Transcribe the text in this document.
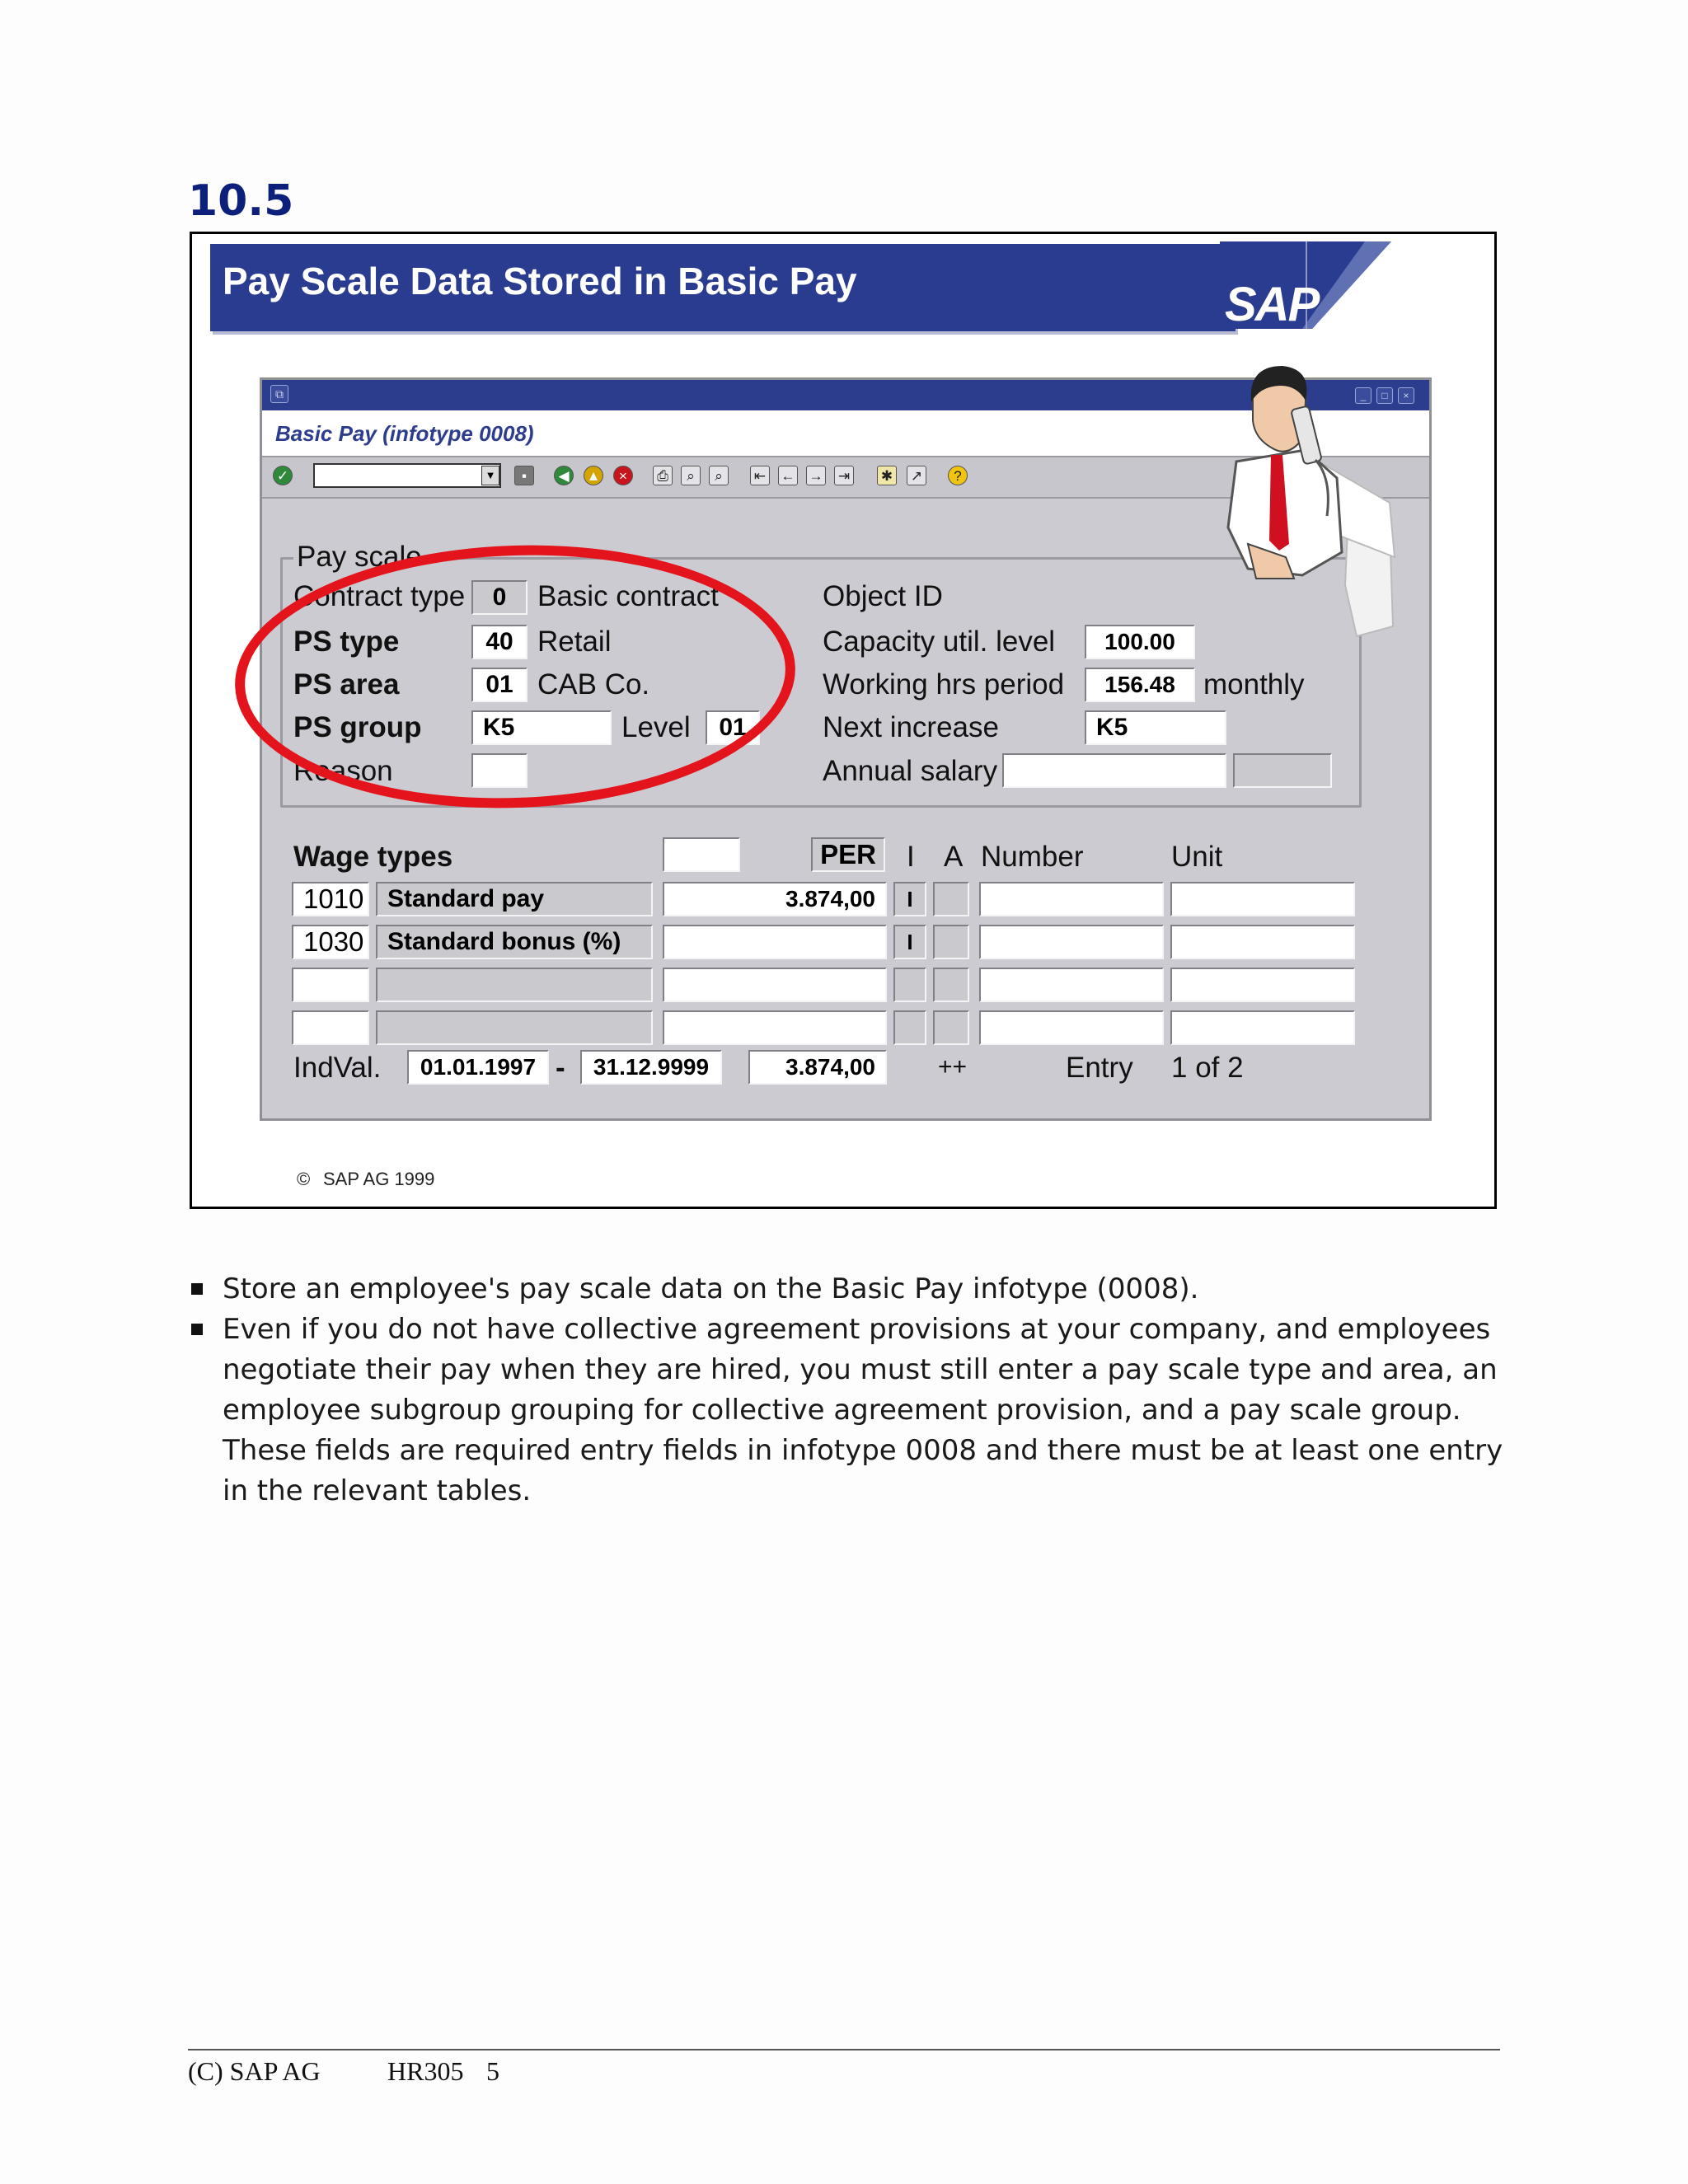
10.5
Pay Scale Data Stored in Basic Pay	SAP
⧉	_	□	×
Basic Pay (infotype 0008)
✓	▼	▪	◀	▲	×	⎙	⌕	⌕	⇤ ← → ⇥ ✱ ↗	?
Pay scale
Contract type	0	Basic contract
PS type	40 Retail
PS area	01 CAB Co.
PS group	K5	Level	01
Reason
Object ID
Capacity util. level	100.00
Working hrs period	156.48 monthly
Next increase	K5
Annual salary
Wage types	PER	I A Number	Unit
1010 Standard pay	3.874,00	I
1030 Standard bonus (%)	I
IndVal.	01.01.1997 -	31.12.9999	3.874,00	++	Entry 1 of 2
© SAP AG 1999

Store an employee's pay scale data on the Basic Pay infotype (0008).

Even if you do not have collective agreement provisions at your company, and employees negotiate their pay when they are hired, you must still enter a pay scale type and area, an employee subgroup grouping for collective agreement provision, and a pay scale group. These fields are required entry fields in infotype 0008 and there must be at least one entry in the relevant tables.

(C) SAP AG	HR305 5
